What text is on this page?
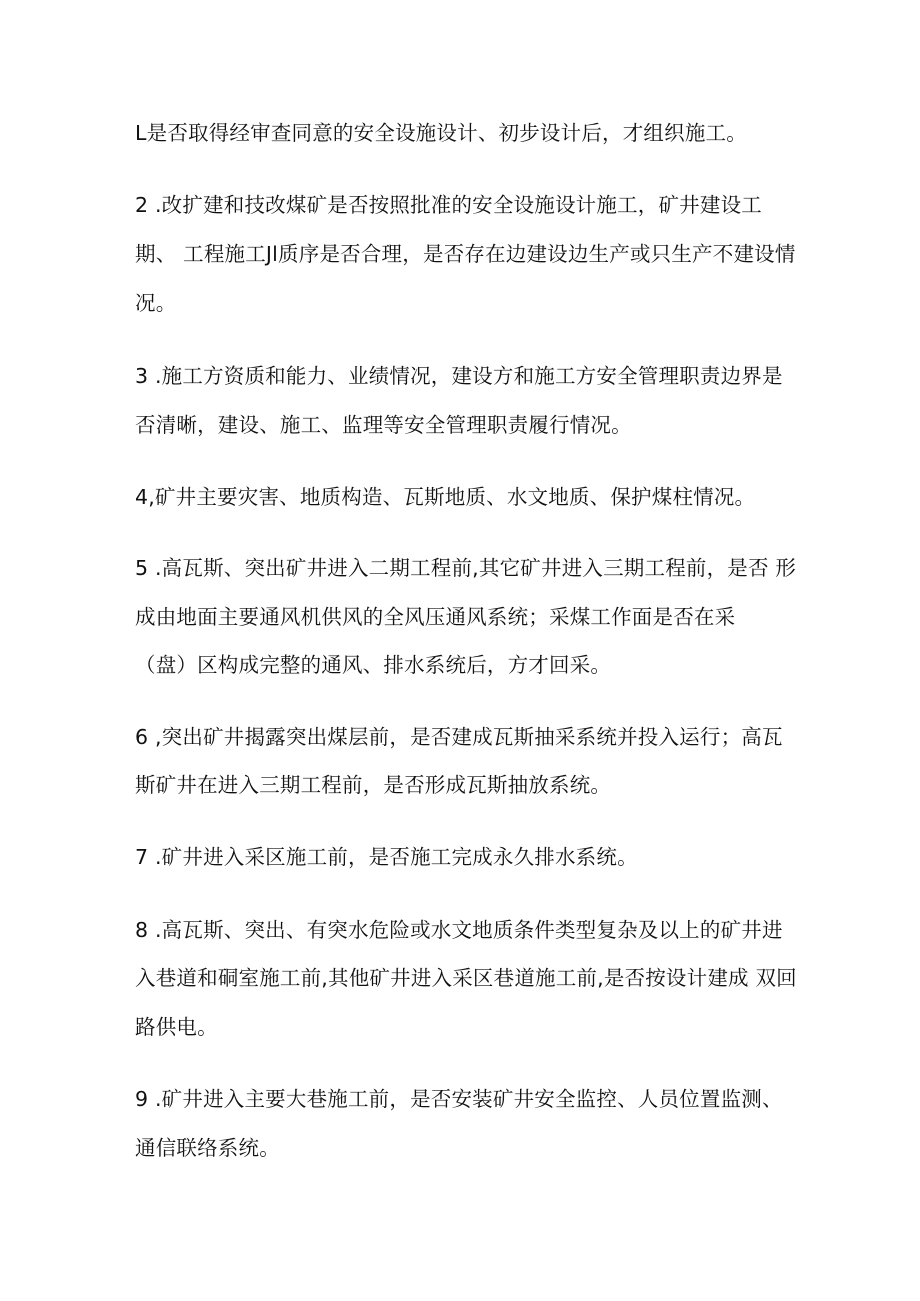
L是否取得经审查同意的安全设施设计、初步设计后，才组织施工。
2 .改扩建和技改煤矿是否按照批准的安全设施设计施工，矿井建设工
期、 工程施工Jl质序是否合理，是否存在边建设边生产或只生产不建设情
况。
3 .施工方资质和能力、业绩情况，建设方和施工方安全管理职责边界是
否清晰，建设、施工、监理等安全管理职责履行情况。
4,矿井主要灾害、地质构造、瓦斯地质、水文地质、保护煤柱情况。
5 .高瓦斯、突出矿井进入二期工程前,其它矿井进入三期工程前，是否 形
成由地面主要通风机供风的全风压通风系统；采煤工作面是否在采
（盘）区构成完整的通风、排水系统后，方才回采。
6 ,突出矿井揭露突出煤层前，是否建成瓦斯抽采系统并投入运行；高瓦
斯矿井在进入三期工程前，是否形成瓦斯抽放系统。
7 .矿井进入采区施工前，是否施工完成永久排水系统。
8 .高瓦斯、突出、有突水危险或水文地质条件类型复杂及以上的矿井进
入巷道和硐室施工前,其他矿井进入采区巷道施工前,是否按设计建成 双回
路供电。
9 .矿井进入主要大巷施工前，是否安装矿井安全监控、人员位置监测、
通信联络系统。
